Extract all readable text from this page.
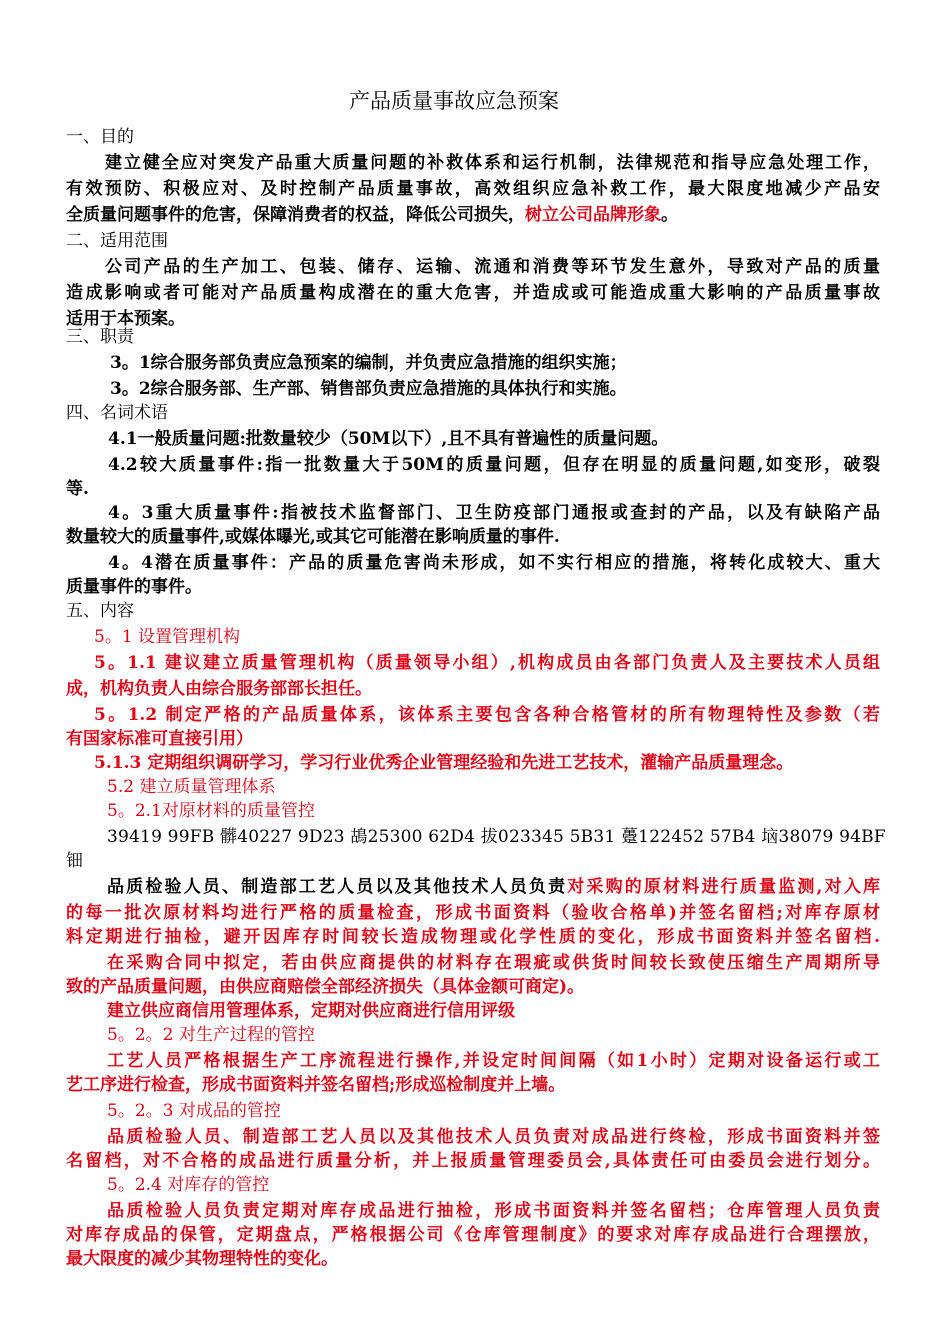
产品质量事故应急预案
一、目的
建立健全应对突发产品重大质量问题的补救体系和运行机制，法律规范和指导应急处理工作，
有效预防、积极应对、及时控制产品质量事故，高效组织应急补救工作，最大限度地减少产品安
全质量问题事件的危害，保障消费者的权益，降低公司损失，树立公司品牌形象。
二、适用范围
公司产品的生产加工、包装、储存、运输、流通和消费等环节发生意外，导致对产品的质量
造成影响或者可能对产品质量构成潜在的重大危害，并造成或可能造成重大影响的产品质量事故
适用于本预案。
三、职责
3。1综合服务部负责应急预案的编制，并负责应急措施的组织实施；
3。2综合服务部、生产部、销售部负责应急措施的具体执行和实施。
四、名词术语
4.1一般质量问题:批数量较少（50M以下）,且不具有普遍性的质量问题。
4.2较大质量事件:指一批数量大于50M的质量问题，但存在明显的质量问题,如变形，破裂
等.
4。3重大质量事件:指被技术监督部门、卫生防疫部门通报或查封的产品，以及有缺陷产品
数量较大的质量事件,或媒体曝光,或其它可能潜在影响质量的事件.
4。4潜在质量事件：产品的质量危害尚未形成，如不实行相应的措施，将转化成较大、重大
质量事件的事件。
五、内容
5。1 设置管理机构
5。1.1 建议建立质量管理机构（质量领导小组）,机构成员由各部门负责人及主要技术人员组
成，机构负责人由综合服务部部长担任。
5。1.2 制定严格的产品质量体系，该体系主要包含各种合格管材的所有物理特性及参数（若
有国家标准可直接引用）
5.1.3 定期组织调研学习，学习行业优秀企业管理经验和先进工艺技术，灌输产品质量理念。
5.2 建立质量管理体系
5。2.1对原材料的质量管控
39419 99FB 髒40227 9D23 鴣25300 62D4 拔023345 5B31 躉122452 57B4 垴38079 94BF
钿
品质检验人员、制造部工艺人员以及其他技术人员负责对采购的原材料进行质量监测,对入库
的每一批次原材料均进行严格的质量检查，形成书面资料（验收合格单)并签名留档;对库存原材
料定期进行抽检，避开因库存时间较长造成物理或化学性质的变化，形成书面资料并签名留档.
在采购合同中拟定，若由供应商提供的材料存在瑕疵或供货时间较长致使压缩生产周期所导
致的产品质量问题，由供应商赔偿全部经济损失（具体金额可商定)。
建立供应商信用管理体系，定期对供应商进行信用评级
5。2。2 对生产过程的管控
工艺人员严格根据生产工序流程进行操作,并设定时间间隔（如1小时）定期对设备运行或工
艺工序进行检查，形成书面资料并签名留档;形成巡检制度并上墙。
5。2。3 对成品的管控
品质检验人员、制造部工艺人员以及其他技术人员负责对成品进行终检，形成书面资料并签
名留档，对不合格的成品进行质量分析，并上报质量管理委员会,具体责任可由委员会进行划分。
5。2.4 对库存的管控
品质检验人员负责定期对库存成品进行抽检，形成书面资料并签名留档；仓库管理人员负责
对库存成品的保管，定期盘点，严格根据公司《仓库管理制度》的要求对库存成品进行合理摆放，
最大限度的减少其物理特性的变化。
